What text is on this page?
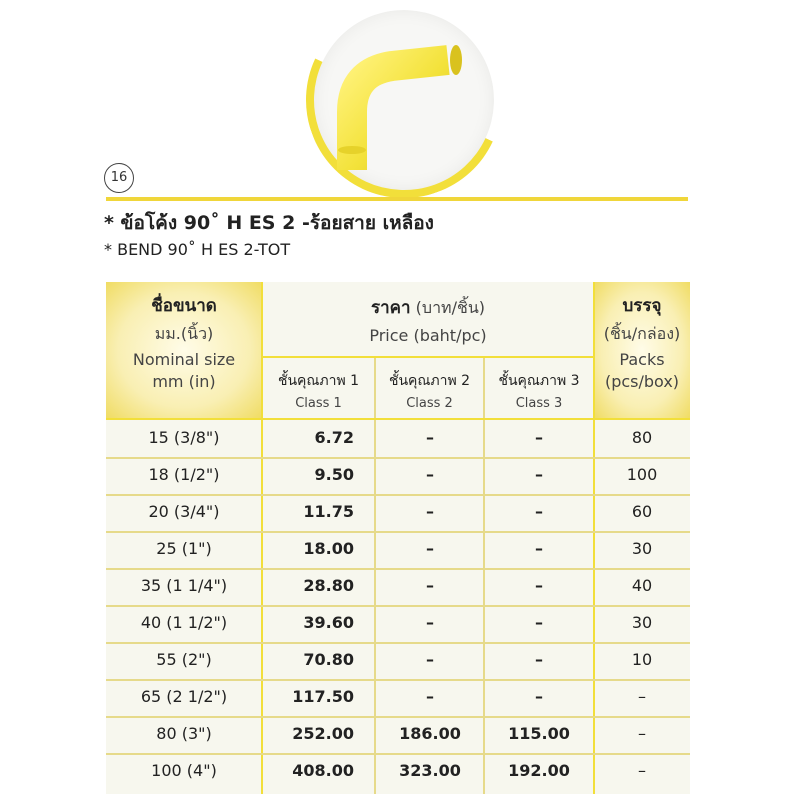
16
* ข้อโค้ง 90˚ H ES 2 -ร้อยสาย เหลือง
* BEND 90˚ H ES 2-TOT
ชื่อขนาด
มม.(นิ้ว)
Nominal size
mm (in)
ราคา (บาท/ชิ้น)
Price (baht/pc)
ชั้นคุณภาพ 1
Class 1
ชั้นคุณภาพ 2
Class 2
ชั้นคุณภาพ 3
Class 3
บรรจุ
(ชิ้น/กล่อง)
Packs
(pcs/box)
15 (3/8")	6.72	–	–	80
18 (1/2")	9.50	–	–	100
20 (3/4")	11.75	–	–	60
25 (1")	18.00	–	–	30
35 (1 1/4")	28.80	–	–	40
40 (1 1/2")	39.60	–	–	30
55 (2")	70.80	–	–	10
65 (2 1/2")	117.50	–	–	–
80 (3")	252.00	186.00	115.00	–
100 (4")	408.00	323.00	192.00	–
